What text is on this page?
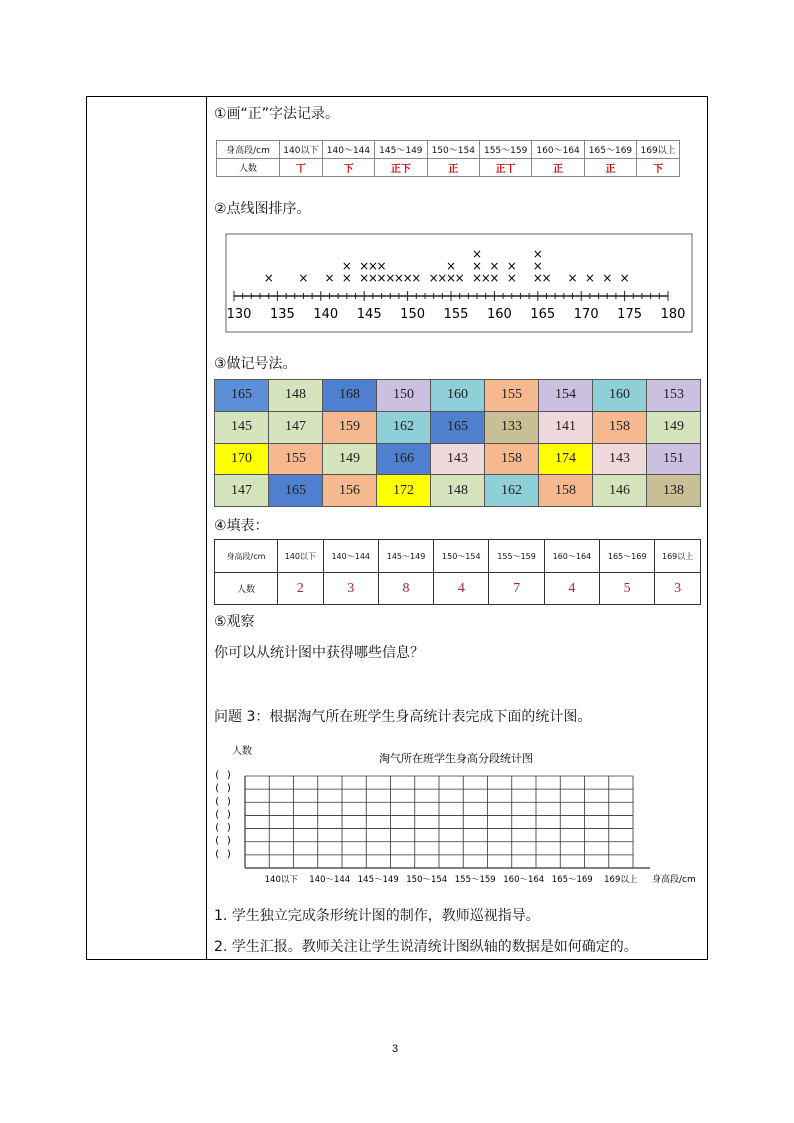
①画“正”字法记录。
身高段/cm	140以下	140～144	145～149	150～154	155～159	160～164	165～169	169以上
人数	丅	下	正下	正	正丅	正	正	下
②点线图排序。
130 135 140 145 150 155 160 165 170 175 180
× × × ×
×
×
×
×
×
×
×
×
×
×
× ×
×
×
×
× ×
×
×
×
×
×
×
×
×
×
×
× × × × ×
③做记号法。
165	148	168	150	160	155	154	160	153
145	147	159	162	165	133	141	158	149
170	155	149	166	143	158	174	143	151
147	165	156	172	148	162	158	146	138
④填表：
身高段/cm	140以下	140～144	145～149	150～154	155～159	160～164	165～169	169以上
人数	2	3	8	4	7	4	5	3
⑤观察
你可以从统计图中获得哪些信息？
问题 3：根据淘气所在班学生身高统计表完成下面的统计图。
人数
淘气所在班学生身高分段统计图
( )
( )
( )
( )
( )
( )
( )
140以下 140～144 145～149 150～154 155～159 160～164 165～169 169以上 身高段/cm
1. 学生独立完成条形统计图的制作，教师巡视指导。
2. 学生汇报。教师关注让学生说清统计图纵轴的数据是如何确定的。
3
